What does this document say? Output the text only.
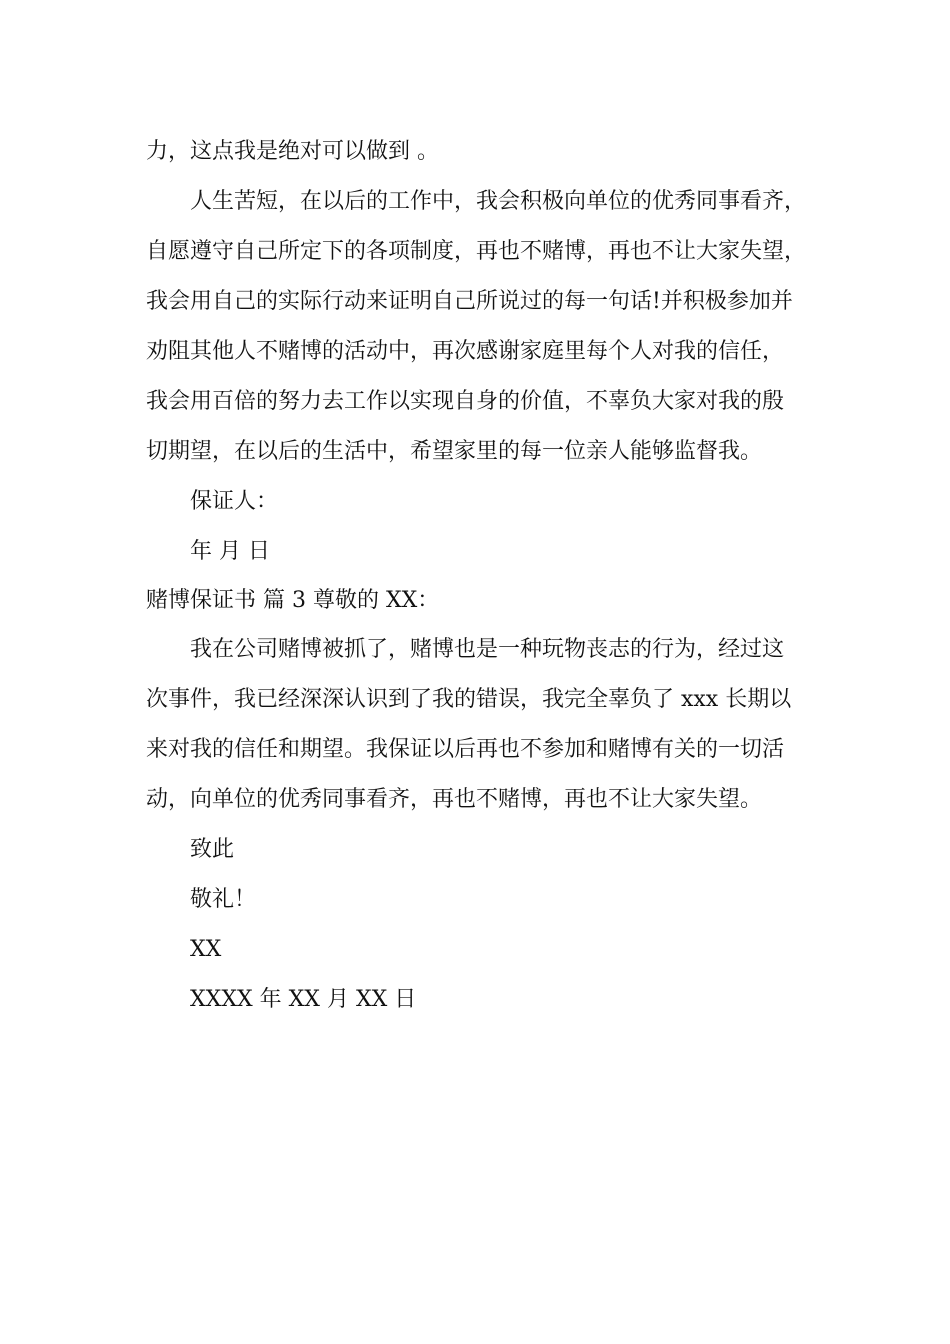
力，这点我是绝对可以做到 。
人生苦短，在以后的工作中，我会积极向单位的优秀同事看齐，
自愿遵守自己所定下的各项制度，再也不赌博，再也不让大家失望，
我会用自己的实际行动来证明自己所说过的每一句话!并积极参加并
劝阻其他人不赌博的活动中，再次感谢家庭里每个人对我的信任，
我会用百倍的努力去工作以实现自身的价值，不辜负大家对我的殷
切期望，在以后的生活中，希望家里的每一位亲人能够监督我。
保证人：
年 月 日
赌博保证书 篇 3 尊敬的 XX：
我在公司赌博被抓了，赌博也是一种玩物丧志的行为，经过这
次事件，我已经深深认识到了我的错误，我完全辜负了 xxx 长期以
来对我的信任和期望。我保证以后再也不参加和赌博有关的一切活
动，向单位的优秀同事看齐，再也不赌博，再也不让大家失望。
致此
敬礼！
XX
XXXX 年 XX 月 XX 日
